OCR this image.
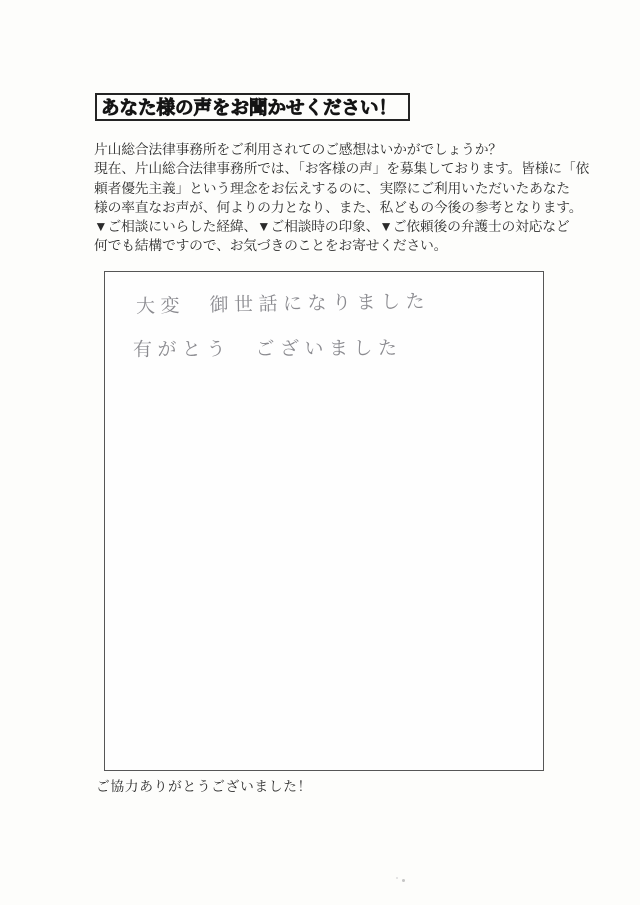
あなた様の声をお聞かせください！
片山総合法律事務所をご利用されてのご感想はいかがでしょうか？
現在、片山総合法律事務所では、「お客様の声」を募集しております。皆様に「依
頼者優先主義」という理念をお伝えするのに、実際にご利用いただいたあなた
様の率直なお声が、何よりの力となり、また、私どもの今後の参考となります。
▼ご相談にいらした経緯、▼ご相談時の印象、▼ご依頼後の弁護士の対応など
何でも結構ですので、お気づきのことをお寄せください。
大変　御世話になりました
有がとう　ございました
ご協力ありがとうございました！
